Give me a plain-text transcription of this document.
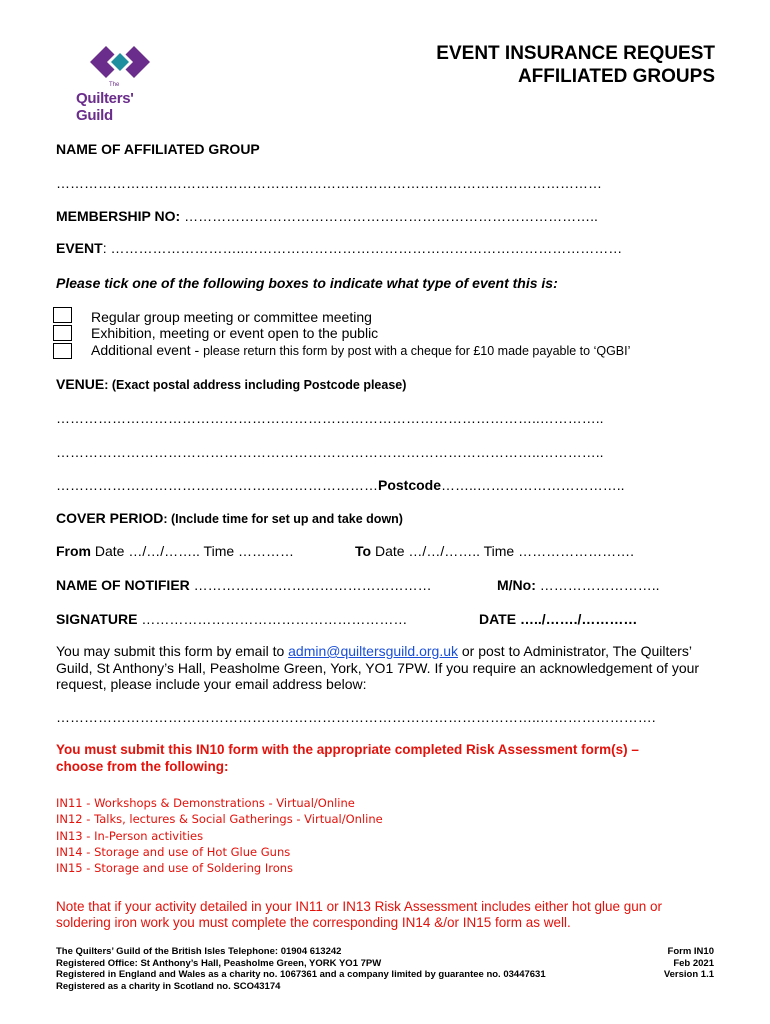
The
Quilters' Guild
EVENT INSURANCE REQUEST
AFFILIATED GROUPS
NAME OF AFFILIATED GROUP
………………………………………………………………………………………………………
MEMBERSHIP NO: ……………………………………………………………………………..
EVENT: ………………………..………………………………………………………………………
Please tick one of the following boxes to indicate what type of event this is:
Regular group meeting or committee meeting
Exhibition, meeting or event open to the public
Additional event - please return this form by post with a cheque for £10 made payable to ‘QGBI’
VENUE: (Exact postal address including Postcode please)
…………………………………………………………………………………………..…………..
…………………………………………………………………………………………..…………..
……………………………………………………………Postcode……..…………………………..
COVER PERIOD: (Include time for set up and take down)
From Date …/…/…….. Time …………	To Date …/…/…….. Time …………………….
NAME OF NOTIFIER ……………………………………………	M/No: ……………………..
SIGNATURE …………………………………………………	DATE …../……./…………
You may submit this form by email to admin@quiltersguild.org.uk or post to Administrator, The Quilters’
Guild, St Anthony’s Hall, Peasholme Green, York, YO1 7PW. If you require an acknowledgement of your
request, please include your email address below:
…………………………………………………………………………………………..…………………….
You must submit this IN10 form with the appropriate completed Risk Assessment form(s) –
choose from the following:
IN11 - Workshops & Demonstrations - Virtual/Online
IN12 - Talks, lectures & Social Gatherings - Virtual/Online
IN13 - In-Person activities
IN14 - Storage and use of Hot Glue Guns
IN15 - Storage and use of Soldering Irons
Note that if your activity detailed in your IN11 or IN13 Risk Assessment includes either hot glue gun or
soldering iron work you must complete the corresponding IN14 &/or IN15 form as well.
The Quilters’ Guild of the British Isles Telephone: 01904 613242
Registered Office: St Anthony’s Hall, Peasholme Green, YORK YO1 7PW
Registered in England and Wales as a charity no. 1067361 and a company limited by guarantee no. 03447631
Registered as a charity in Scotland no. SCO43174
Form IN10
Feb 2021
Version 1.1
